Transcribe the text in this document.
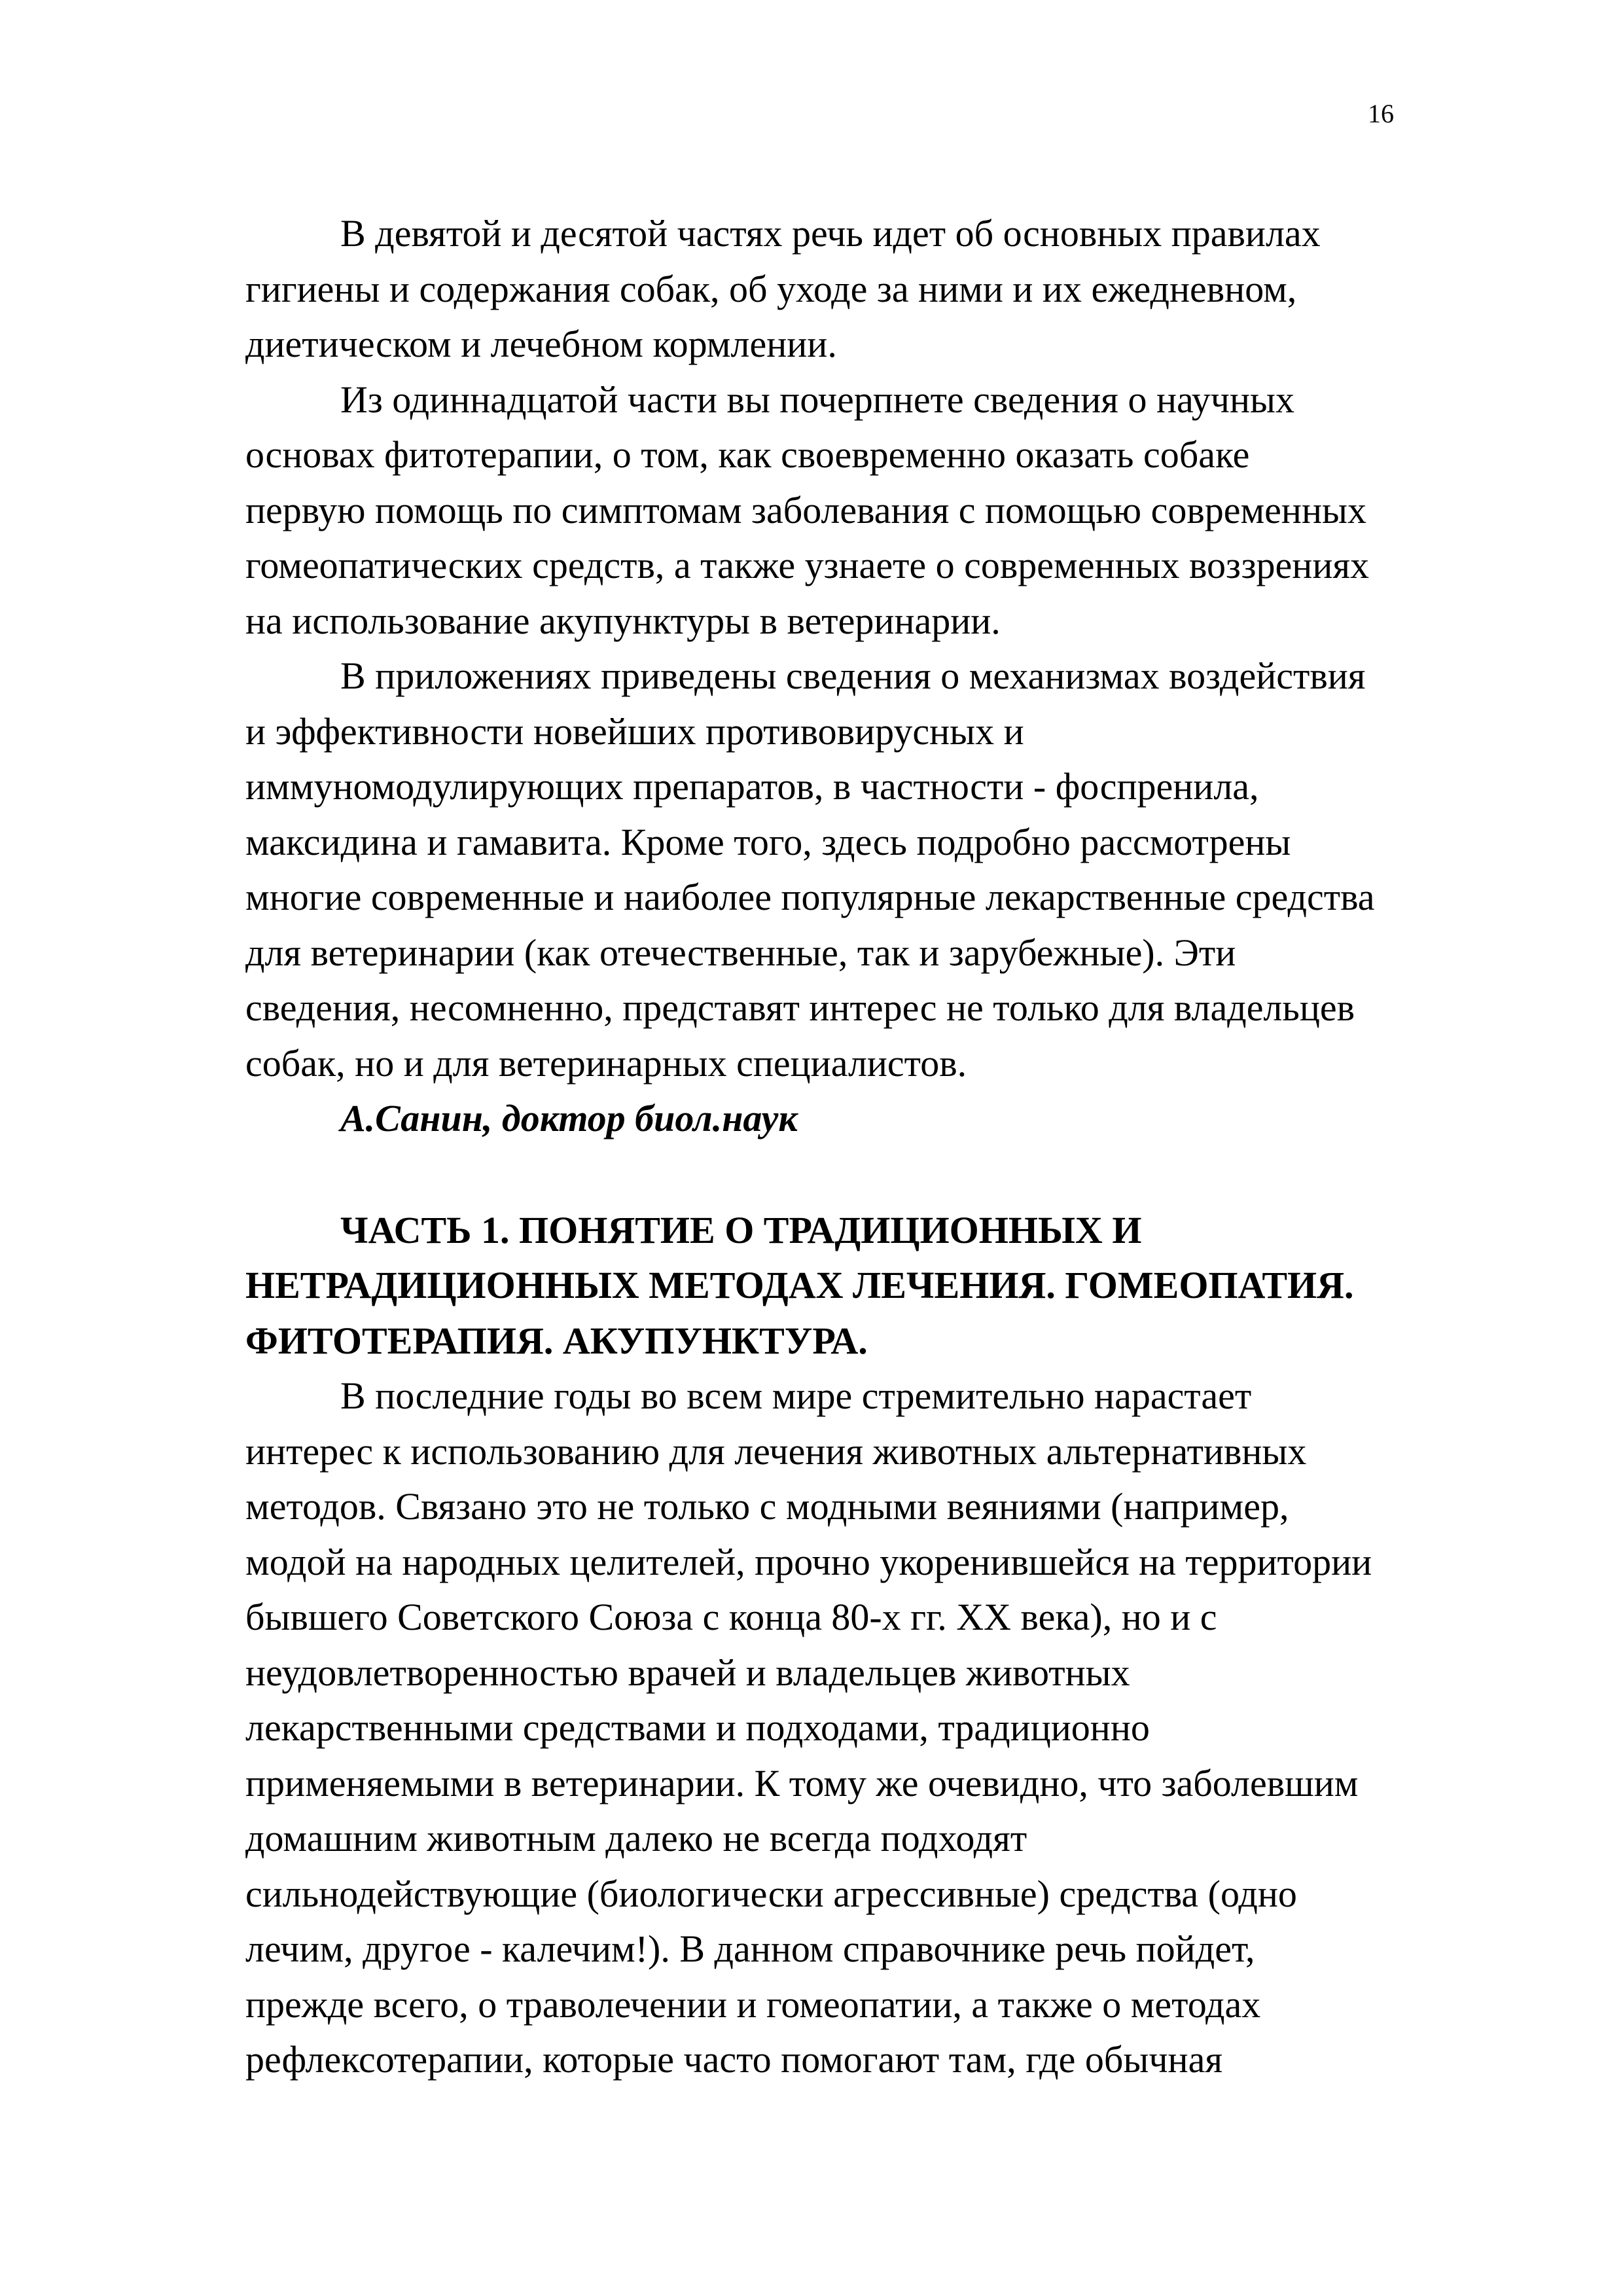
16
В девятой и десятой частях речь идет об основных правилах
гигиены и содержания собак, об уходе за ними и их ежедневном,
диетическом и лечебном кормлении.
Из одиннадцатой части вы почерпнете сведения о научных
основах фитотерапии, о том, как своевременно оказать собаке
первую помощь по симптомам заболевания с помощью современных
гомеопатических средств, а также узнаете о современных воззрениях
на использование акупунктуры в ветеринарии.
В приложениях приведены сведения о механизмах воздействия
и эффективности новейших противовирусных и
иммуномодулирующих препаратов, в частности - фоспренила,
максидина и гамавита. Кроме того, здесь подробно рассмотрены
многие современные и наиболее популярные лекарственные средства
для ветеринарии (как отечественные, так и зарубежные). Эти
сведения, несомненно, представят интерес не только для владельцев
собак, но и для ветеринарных специалистов.
А.Санин, доктор биол.наук
ЧАСТЬ 1. ПОНЯТИЕ О ТРАДИЦИОННЫХ И
НЕТРАДИЦИОННЫХ МЕТОДАХ ЛЕЧЕНИЯ. ГОМЕОПАТИЯ.
ФИТОТЕРАПИЯ. АКУПУНКТУРА.
В последние годы во всем мире стремительно нарастает
интерес к использованию для лечения животных альтернативных
методов. Связано это не только с модными веяниями (например,
модой на народных целителей, прочно укоренившейся на территории
бывшего Советского Союза с конца 80-х гг. ХХ века), но и с
неудовлетворенностью врачей и владельцев животных
лекарственными средствами и подходами, традиционно
применяемыми в ветеринарии. К тому же очевидно, что заболевшим
домашним животным далеко не всегда подходят
сильнодействующие (биологически агрессивные) средства (одно
лечим, другое - калечим!). В данном справочнике речь пойдет,
прежде всего, о траволечении и гомеопатии, а также о методах
рефлексотерапии, которые часто помогают там, где обычная
